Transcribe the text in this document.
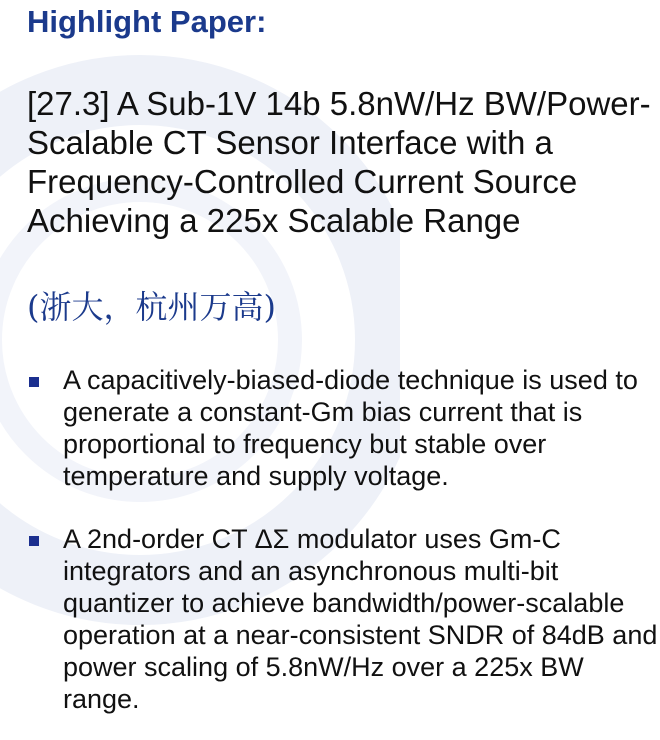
Highlight Paper:

[27.3] A Sub-1V 14b 5.8nW/Hz BW/Power-Scalable CT Sensor Interface with a Frequency-Controlled Current Source Achieving a 225x Scalable Range

(浙大，杭州万高)

A capacitively-biased-diode technique is used to generate a constant-Gm bias current that is proportional to frequency but stable over temperature and supply voltage.

A 2nd-order CT ΔΣ modulator uses Gm-C integrators and an asynchronous multi-bit quantizer to achieve bandwidth/power-scalable operation at a near-consistent SNDR of 84dB and power scaling of 5.8nW/Hz over a 225x BW range.
